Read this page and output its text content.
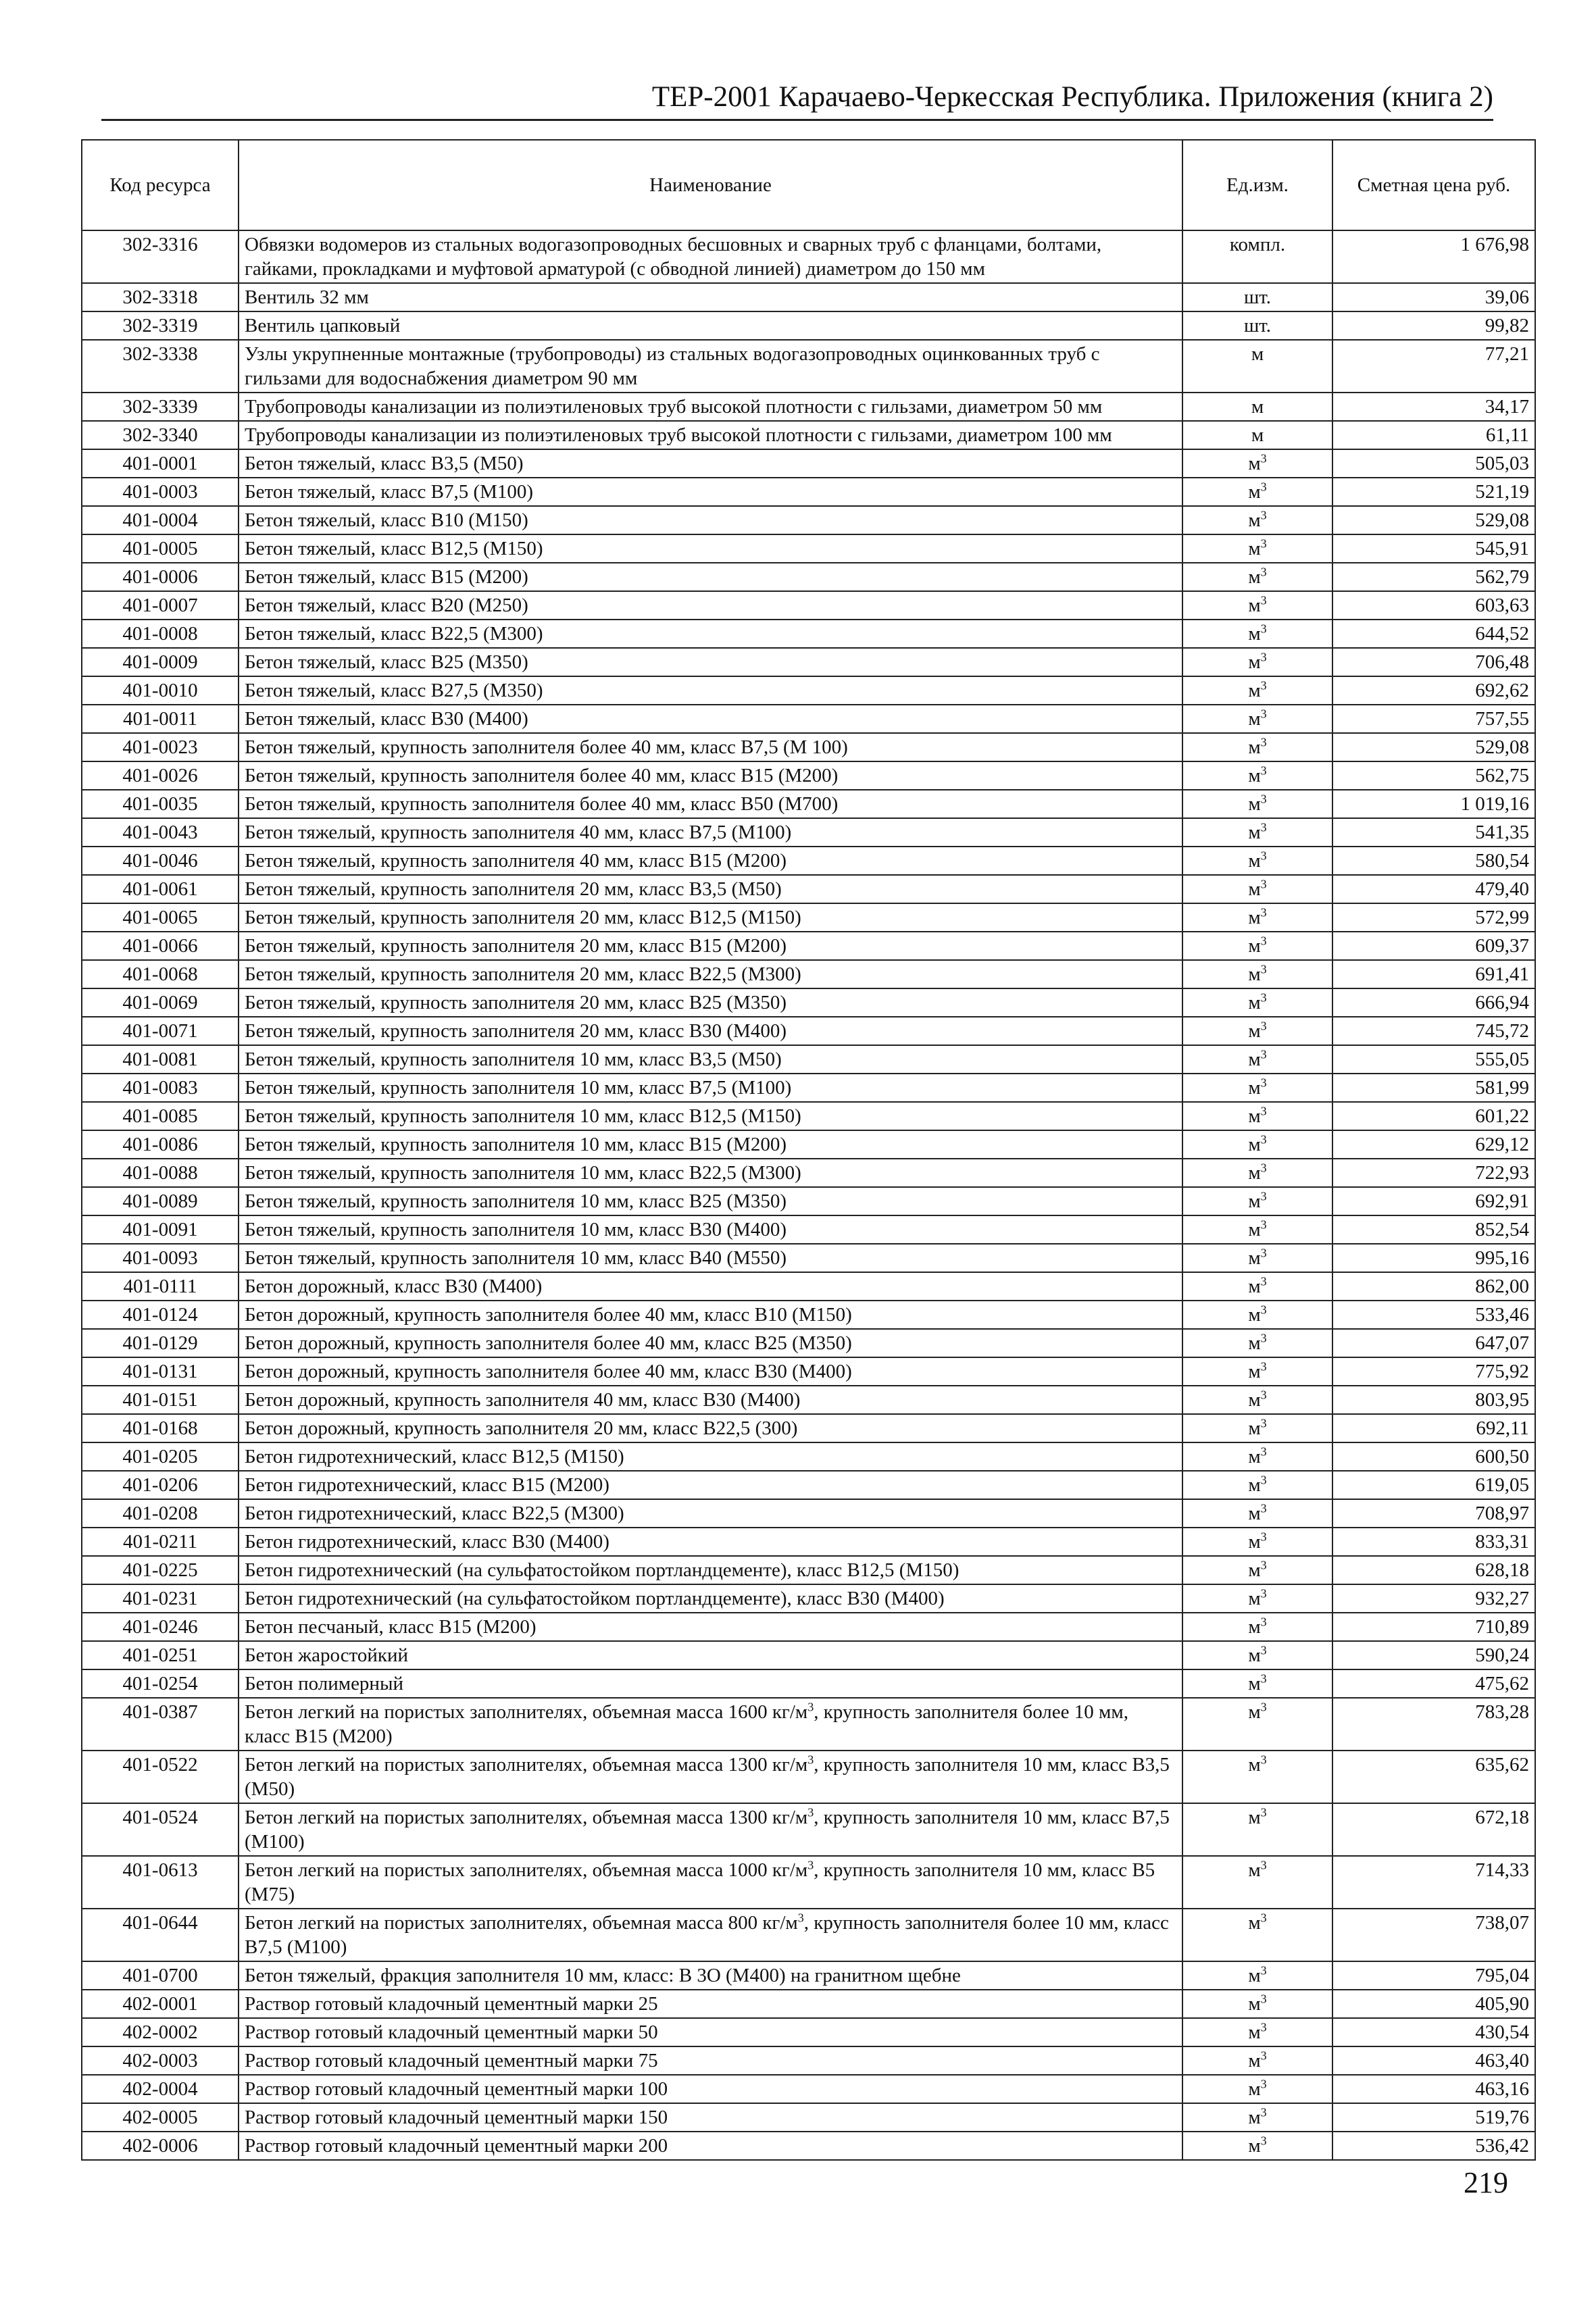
ТЕР-2001 Карачаево-Черкесская Республика. Приложения (книга 2)
Код ресурса	Наименование	Ед.изм.	Сметная цена руб.
302-3316	Обвязки водомеров из стальных водогазопроводных бесшовных и сварных труб с фланцами, болтами, гайками, прокладками и муфтовой арматурой (с обводной линией) диаметром до 150 мм	компл.	1 676,98
302-3318	Вентиль 32 мм	шт.	39,06
302-3319	Вентиль цапковый	шт.	99,82
302-3338	Узлы укрупненные монтажные (трубопроводы) из стальных водогазопроводных оцинкованных труб с гильзами для водоснабжения диаметром 90 мм	м	77,21
302-3339	Трубопроводы канализации из полиэтиленовых труб высокой плотности с гильзами, диаметром 50 мм	м	34,17
302-3340	Трубопроводы канализации из полиэтиленовых труб высокой плотности с гильзами, диаметром 100 мм	м	61,11
401-0001	Бетон тяжелый, класс В3,5 (М50)	$м^3$	505,03
401-0003	Бетон тяжелый, класс В7,5 (М100)	$м^3$	521,19
401-0004	Бетон тяжелый, класс В10 (М150)	$м^3$	529,08
401-0005	Бетон тяжелый, класс В12,5 (М150)	$м^3$	545,91
401-0006	Бетон тяжелый, класс В15 (М200)	$м^3$	562,79
401-0007	Бетон тяжелый, класс В20 (М250)	$м^3$	603,63
401-0008	Бетон тяжелый, класс В22,5 (М300)	$м^3$	644,52
401-0009	Бетон тяжелый, класс В25 (М350)	$м^3$	706,48
401-0010	Бетон тяжелый, класс В27,5 (М350)	$м^3$	692,62
401-0011	Бетон тяжелый, класс В30 (М400)	$м^3$	757,55
401-0023	Бетон тяжелый, крупность заполнителя более 40 мм, класс В7,5 (М 100)	$м^3$	529,08
401-0026	Бетон тяжелый, крупность заполнителя более 40 мм, класс В15 (М200)	$м^3$	562,75
401-0035	Бетон тяжелый, крупность заполнителя более 40 мм, класс В50 (М700)	$м^3$	1 019,16
401-0043	Бетон тяжелый, крупность заполнителя 40 мм, класс В7,5 (М100)	$м^3$	541,35
401-0046	Бетон тяжелый, крупность заполнителя 40 мм, класс В15 (М200)	$м^3$	580,54
401-0061	Бетон тяжелый, крупность заполнителя 20 мм, класс В3,5 (М50)	$м^3$	479,40
401-0065	Бетон тяжелый, крупность заполнителя 20 мм, класс В12,5 (М150)	$м^3$	572,99
401-0066	Бетон тяжелый, крупность заполнителя 20 мм, класс В15 (М200)	$м^3$	609,37
401-0068	Бетон тяжелый, крупность заполнителя 20 мм, класс В22,5 (М300)	$м^3$	691,41
401-0069	Бетон тяжелый, крупность заполнителя 20 мм, класс В25 (М350)	$м^3$	666,94
401-0071	Бетон тяжелый, крупность заполнителя 20 мм, класс В30 (М400)	$м^3$	745,72
401-0081	Бетон тяжелый, крупность заполнителя 10 мм, класс В3,5 (М50)	$м^3$	555,05
401-0083	Бетон тяжелый, крупность заполнителя 10 мм, класс В7,5 (М100)	$м^3$	581,99
401-0085	Бетон тяжелый, крупность заполнителя 10 мм, класс В12,5 (М150)	$м^3$	601,22
401-0086	Бетон тяжелый, крупность заполнителя 10 мм, класс В15 (М200)	$м^3$	629,12
401-0088	Бетон тяжелый, крупность заполнителя 10 мм, класс В22,5 (М300)	$м^3$	722,93
401-0089	Бетон тяжелый, крупность заполнителя 10 мм, класс В25 (М350)	$м^3$	692,91
401-0091	Бетон тяжелый, крупность заполнителя 10 мм, класс В30 (М400)	$м^3$	852,54
401-0093	Бетон тяжелый, крупность заполнителя 10 мм, класс В40 (М550)	$м^3$	995,16
401-0111	Бетон дорожный, класс В30 (М400)	$м^3$	862,00
401-0124	Бетон дорожный, крупность заполнителя более 40 мм, класс В10 (М150)	$м^3$	533,46
401-0129	Бетон дорожный, крупность заполнителя более 40 мм, класс В25 (М350)	$м^3$	647,07
401-0131	Бетон дорожный, крупность заполнителя более 40 мм, класс В30 (М400)	$м^3$	775,92
401-0151	Бетон дорожный, крупность заполнителя 40 мм, класс В30 (М400)	$м^3$	803,95
401-0168	Бетон дорожный, крупность заполнителя 20 мм, класс В22,5 (300)	$м^3$	692,11
401-0205	Бетон гидротехнический, класс В12,5 (М150)	$м^3$	600,50
401-0206	Бетон гидротехнический, класс В15 (М200)	$м^3$	619,05
401-0208	Бетон гидротехнический, класс В22,5 (М300)	$м^3$	708,97
401-0211	Бетон гидротехнический, класс В30 (М400)	$м^3$	833,31
401-0225	Бетон гидротехнический (на сульфатостойком портландцементе), класс В12,5 (М150)	$м^3$	628,18
401-0231	Бетон гидротехнический (на сульфатостойком портландцементе), класс В30 (М400)	$м^3$	932,27
401-0246	Бетон песчаный, класс В15 (М200)	$м^3$	710,89
401-0251	Бетон жаростойкий	$м^3$	590,24
401-0254	Бетон полимерный	$м^3$	475,62
401-0387	Бетон легкий на пористых заполнителях, объемная масса 1600 $кг/м^3$, крупность заполнителя более 10 мм, класс В15 (М200)	$м^3$	783,28
401-0522	Бетон легкий на пористых заполнителях, объемная масса 1300 $кг/м^3$, крупность заполнителя 10 мм, класс В3,5 (М50)	$м^3$	635,62
401-0524	Бетон легкий на пористых заполнителях, объемная масса 1300 $кг/м^3$, крупность заполнителя 10 мм, класс В7,5 (М100)	$м^3$	672,18
401-0613	Бетон легкий на пористых заполнителях, объемная масса 1000 $кг/м^3$, крупность заполнителя 10 мм, класс В5 (М75)	$м^3$	714,33
401-0644	Бетон легкий на пористых заполнителях, объемная масса 800 $кг/м^3$, крупность заполнителя более 10 мм, класс В7,5 (М100)	$м^3$	738,07
401-0700	Бетон тяжелый, фракция заполнителя 10 мм, класс: В 3О (М400) на гранитном щебне	$м^3$	795,04
402-0001	Раствор готовый кладочный цементный марки 25	$м^3$	405,90
402-0002	Раствор готовый кладочный цементный марки 50	$м^3$	430,54
402-0003	Раствор готовый кладочный цементный марки 75	$м^3$	463,40
402-0004	Раствор готовый кладочный цементный марки 100	$м^3$	463,16
402-0005	Раствор готовый кладочный цементный марки 150	$м^3$	519,76
402-0006	Раствор готовый кладочный цементный марки 200	$м^3$	536,42
219
